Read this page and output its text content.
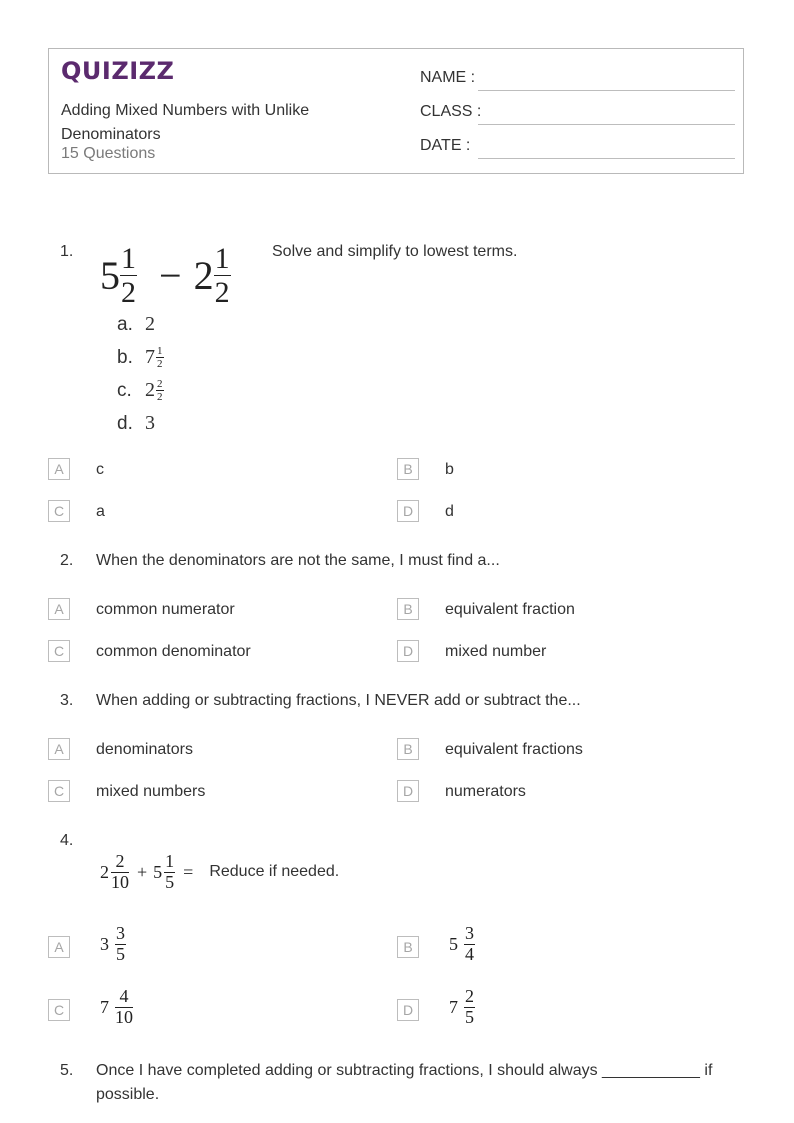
QUIZIZZ
Adding Mixed Numbers with Unlike Denominators
15 Questions
NAME :
CLASS :
DATE :
1.
$5 \frac{1}{2} - 2 \frac{1}{2}$	Solve and simplify to lowest terms.
a. 2
b. $7 \frac{1}{2}$
c. $2 \frac{2}{2}$
d. 3
A	c	B	b
C	a	D	d
2. When the denominators are not the same, I must find a...
A	common numerator	B	equivalent fraction
C	common denominator	D	mixed number
3. When adding or subtracting fractions, I NEVER add or subtract the...
A	denominators	B	equivalent fractions
C	mixed numbers	D	numerators
4.
$2 \frac{2}{10} + 5 \frac{1}{5}$ = Reduce if needed.
A	$3 \frac{3}{5}$	B	$5 \frac{3}{4}$
C	$7 \frac{4}{10}$	D	$7 \frac{2}{5}$
5. Once I have completed adding or subtracting fractions, I should always ___________ if possible.
